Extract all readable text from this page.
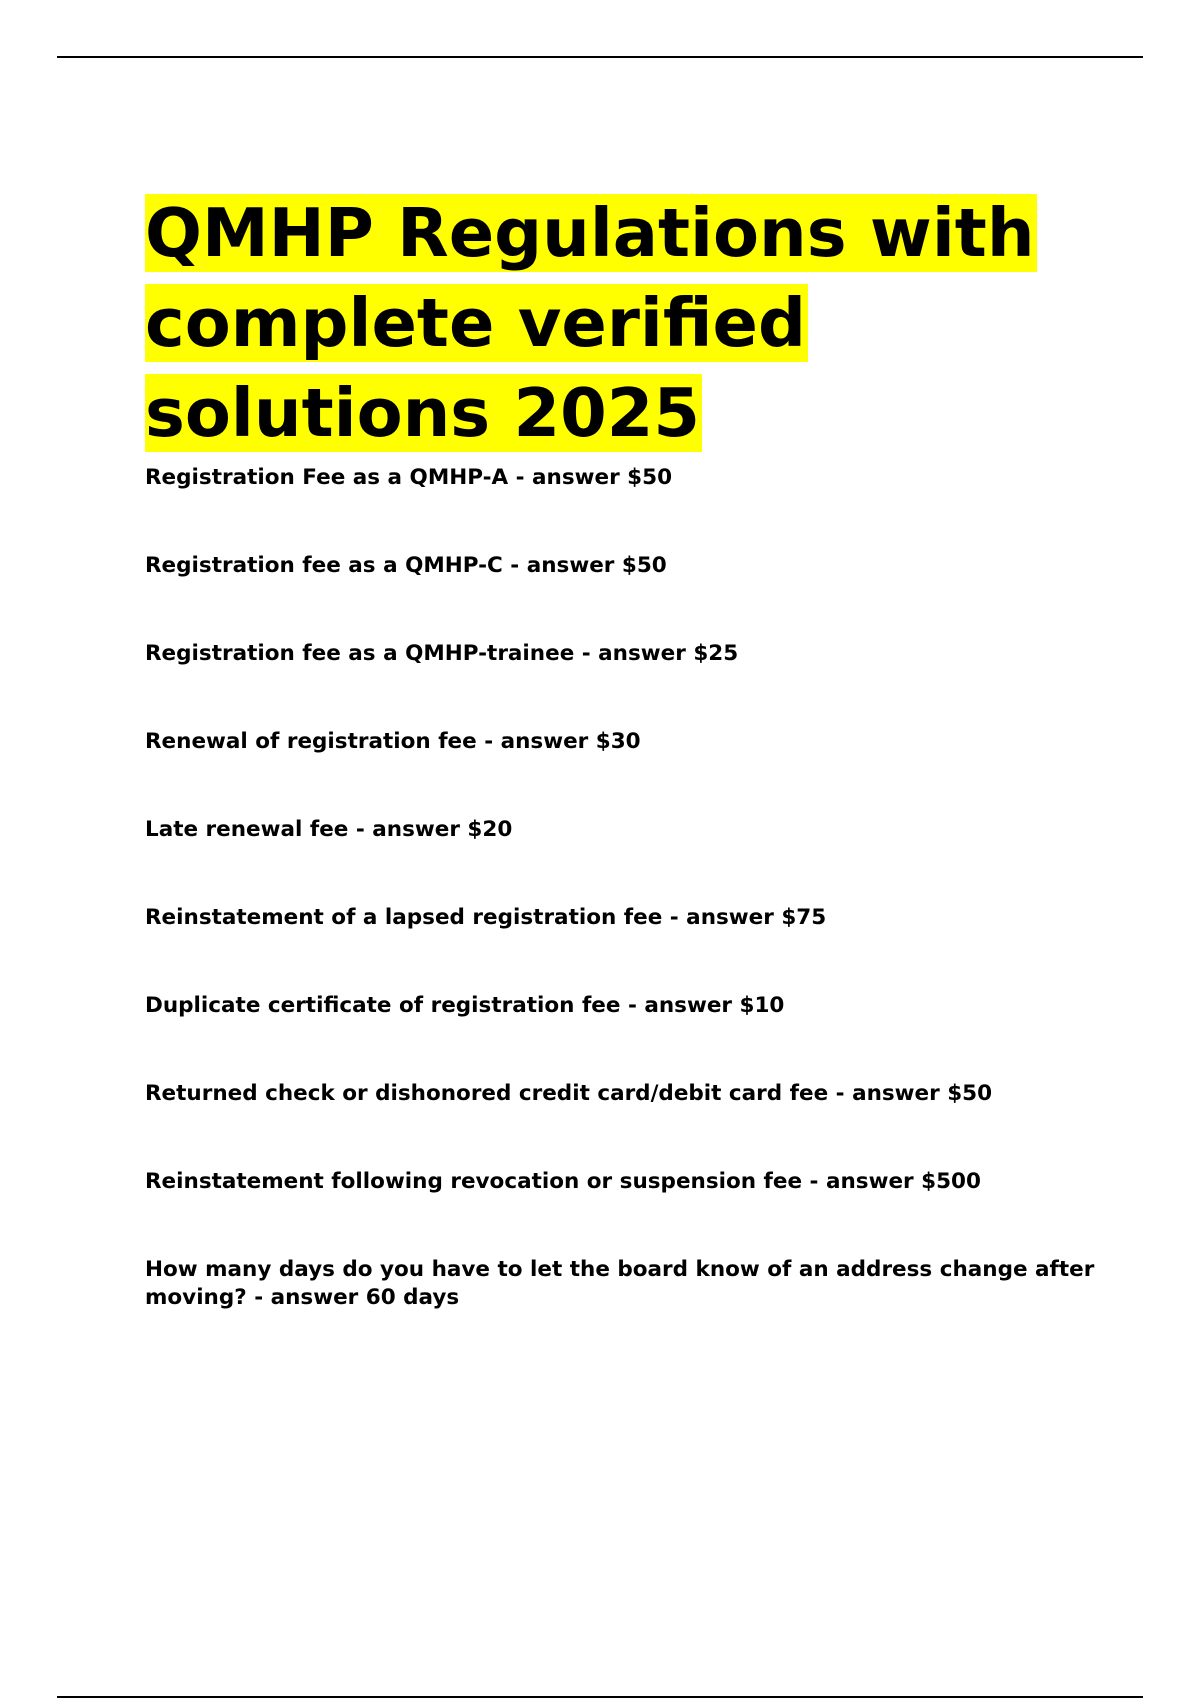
QMHP Regulations with complete verified solutions 2025
Registration Fee as a QMHP-A - answer $50
Registration fee as a QMHP-C - answer $50
Registration fee as a QMHP-trainee - answer $25
Renewal of registration fee - answer $30
Late renewal fee - answer $20
Reinstatement of a lapsed registration fee - answer $75
Duplicate certificate of registration fee - answer $10
Returned check or dishonored credit card/debit card fee - answer $50
Reinstatement following revocation or suspension fee - answer $500
How many days do you have to let the board know of an address change after moving? - answer 60 days
